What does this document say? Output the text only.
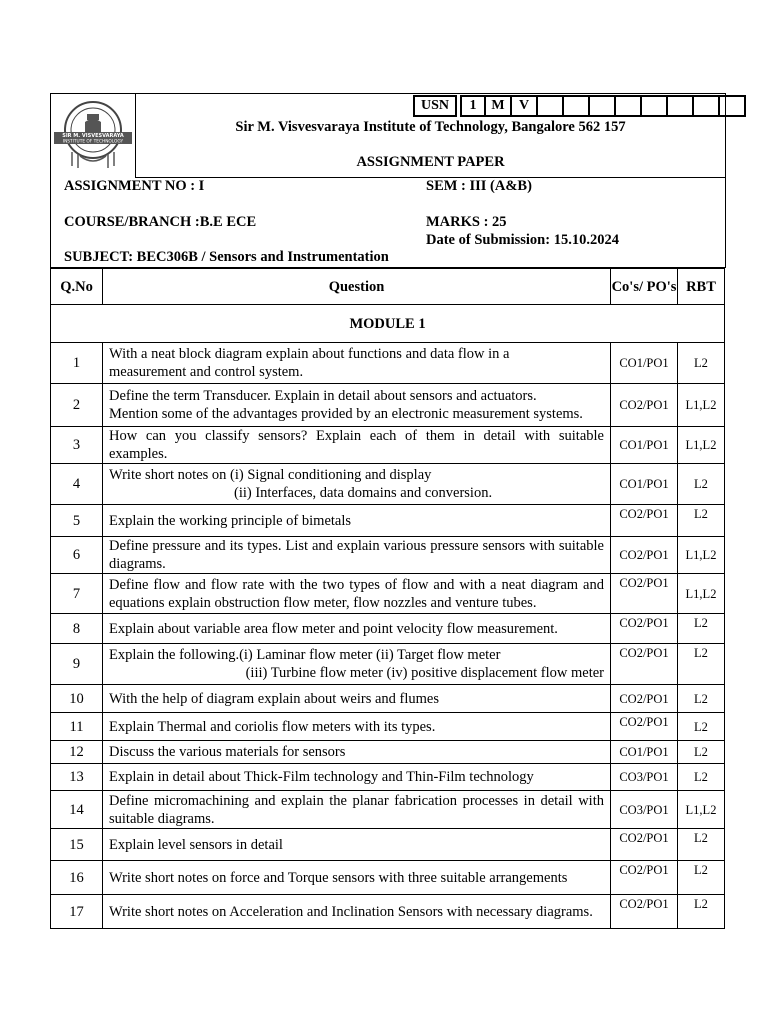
SIR M. VISVESVARAYA
INSTITUTE OF TECHNOLOGY
USN	1	M	V
Sir M. Visvesvaraya Institute of Technology, Bangalore 562 157
ASSIGNMENT PAPER
ASSIGNMENT NO : I	SEM : III (A&B)
COURSE/BRANCH :B.E ECE	MARKS : 25
Date of Submission: 15.10.2024
SUBJECT: BEC306B / Sensors and Instrumentation
Q.No	Question	Co's/ PO's	RBT
MODULE 1			
1	With a neat block diagram explain about functions and data flow in a
measurement and control system.	CO1/PO1	L2
2	Define the term Transducer. Explain in detail about sensors and actuators.
Mention some of the advantages provided by an electronic measurement systems.	CO2/PO1	L1,L2
3	How can you classify sensors? Explain each of them in detail with suitable examples.	CO1/PO1	L1,L2
4	Write short notes on (i) Signal conditioning and display
(ii) Interfaces, data domains and conversion.	CO1/PO1	L2
5	Explain the working principle of bimetals	CO2/PO1	L2
6	Define pressure and its types. List and explain various pressure sensors with suitable diagrams.	CO2/PO1	L1,L2
7	Define flow and flow rate with the two types of flow and with a neat diagram and equations explain obstruction flow meter, flow nozzles and venture tubes.	CO2/PO1	L1,L2
8	Explain about variable area flow meter and point velocity flow measurement.	CO2/PO1	L2
9	Explain the following.(i) Laminar flow meter (ii) Target flow meter
(iii) Turbine flow meter (iv) positive displacement flow meter	CO2/PO1	L2
10	With the help of diagram explain about weirs and flumes	CO2/PO1	L2
11	Explain Thermal and coriolis flow meters with its types.	CO2/PO1	L2
12	Discuss the various materials for sensors	CO1/PO1	L2
13	Explain in detail about Thick-Film technology and Thin-Film technology	CO3/PO1	L2
14	Define micromachining and explain the planar fabrication processes in detail with suitable diagrams.	CO3/PO1	L1,L2
15	Explain level sensors in detail	CO2/PO1	L2
16	Write short notes on force and Torque sensors with three suitable arrangements	CO2/PO1	L2
17	Write short notes on Acceleration and Inclination Sensors with necessary diagrams.	CO2/PO1	L2
